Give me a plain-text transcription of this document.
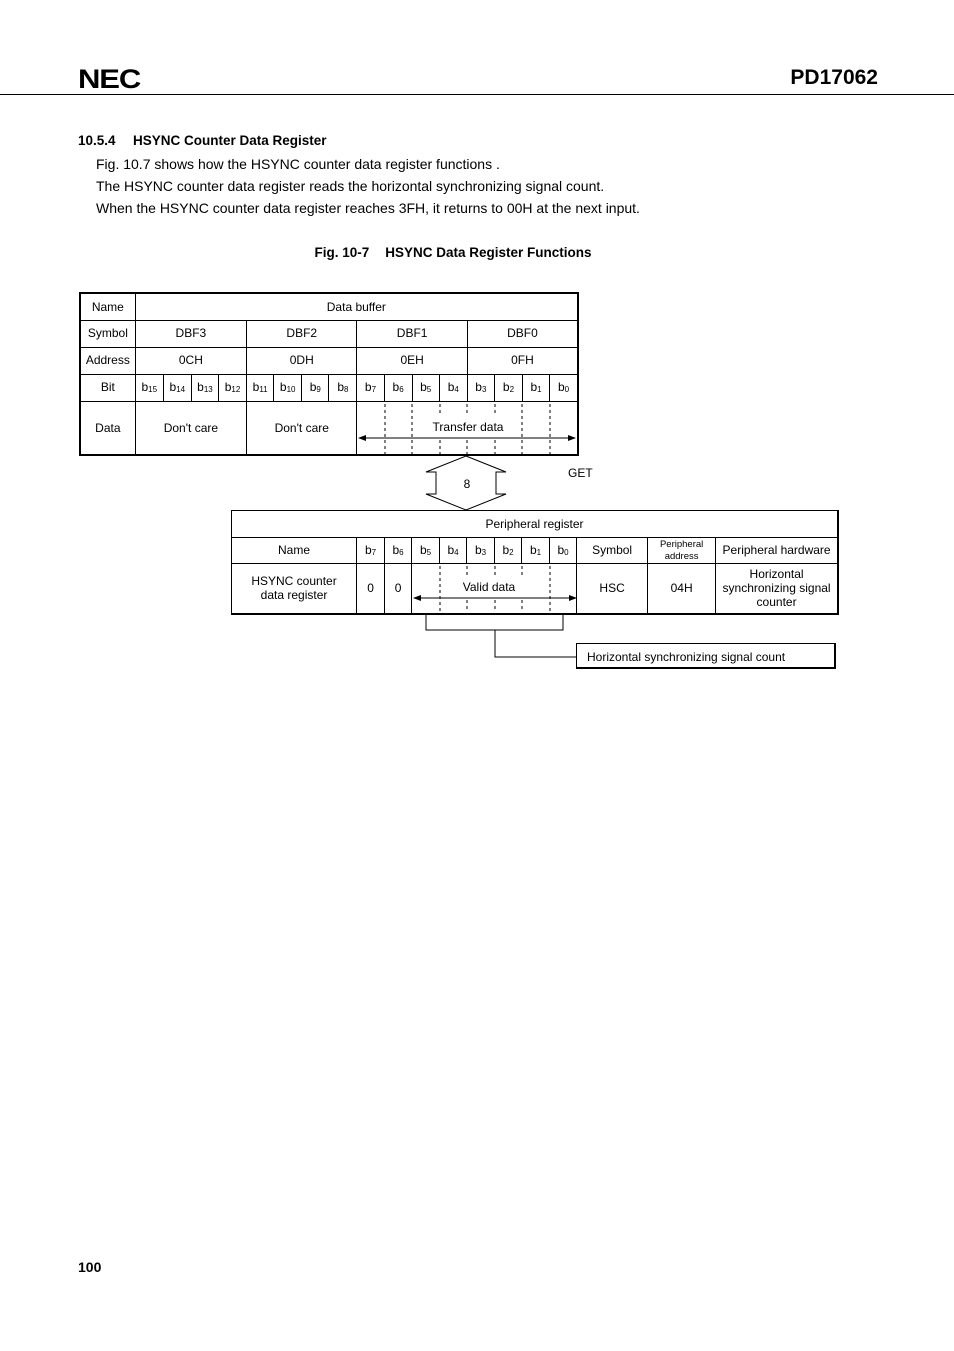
NEC	PD17062
10.5.4 HSYNC Counter Data Register
Fig. 10.7 shows how the HSYNC counter data register functions .
The HSYNC counter data register reads the horizontal synchronizing signal count.
When the HSYNC counter data register reaches 3FH, it returns to 00H at the next input.
Fig. 10-7 HSYNC Data Register Functions
Name	Data buffer															
Symbol	DBF3				DBF2				DBF1				DBF0			
Address	0CH				0DH				0EH				0FH			
Bit	$b_{15}$	$b_{14}$	$b_{13}$	$b_{12}$	$b_{11}$	$b_{10}$	$b_9$	$b_8$	$b_7$	$b_6$	$b_5$	$b_4$	$b_3$	$b_2$	$b_1$	$b_0$
Data	Don't care				Don't care											
Peripheral register											
Name	$b_7$	$b_6$	$b_5$	$b_4$	$b_3$	$b_2$	$b_1$	$b_0$	Symbol	Peripheral address	Peripheral hardware
HSYNC counter data register	0	0							HSC	04H	Horizontal synchronizing signal counter
Transfer data
8
Valid data
GET
Horizontal synchronizing signal count
100
